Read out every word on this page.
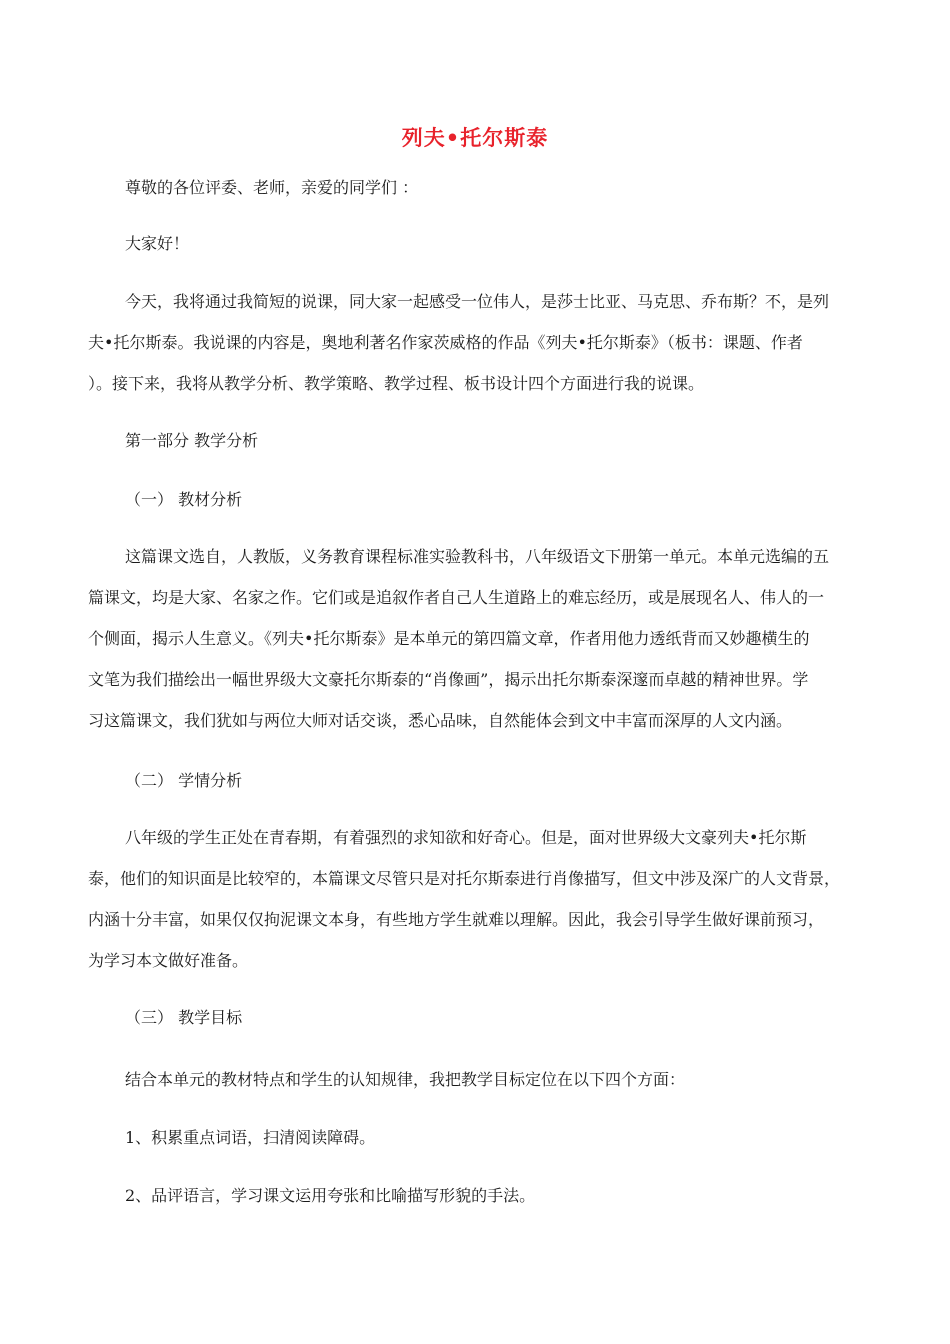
列夫•托尔斯泰

尊敬的各位评委、老师，亲爱的同学们 ：

大家好！

今天，我将通过我简短的说课，同大家一起感受一位伟人，是莎士比亚、马克思、乔布斯？不，是列
夫•托尔斯泰。我说课的内容是，奥地利著名作家茨威格的作品《列夫•托尔斯泰》（板书：课题、作者
）。接下来，我将从教学分析、教学策略、教学过程、板书设计四个方面进行我的说课。

第一部分 教学分析

（一） 教材分析

这篇课文选自，人教版，义务教育课程标准实验教科书，八年级语文下册第一单元。本单元选编的五
篇课文，均是大家、名家之作。它们或是追叙作者自己人生道路上的难忘经历，或是展现名人、伟人的一
个侧面，揭示人生意义。《列夫•托尔斯泰》是本单元的第四篇文章，作者用他力透纸背而又妙趣横生的
文笔为我们描绘出一幅世界级大文豪托尔斯泰的“肖像画”，揭示出托尔斯泰深邃而卓越的精神世界。学
习这篇课文，我们犹如与两位大师对话交谈，悉心品味，自然能体会到文中丰富而深厚的人文内涵。

（二） 学情分析

八年级的学生正处在青春期，有着强烈的求知欲和好奇心。但是，面对世界级大文豪列夫•托尔斯
泰，他们的知识面是比较窄的，本篇课文尽管只是对托尔斯泰进行肖像描写，但文中涉及深广的人文背景，
内涵十分丰富，如果仅仅拘泥课文本身，有些地方学生就难以理解。因此，我会引导学生做好课前预习，
为学习本文做好准备。

（三） 教学目标

结合本单元的教材特点和学生的认知规律，我把教学目标定位在以下四个方面：

1、积累重点词语，扫清阅读障碍。

2、品评语言，学习课文运用夸张和比喻描写形貌的手法。
